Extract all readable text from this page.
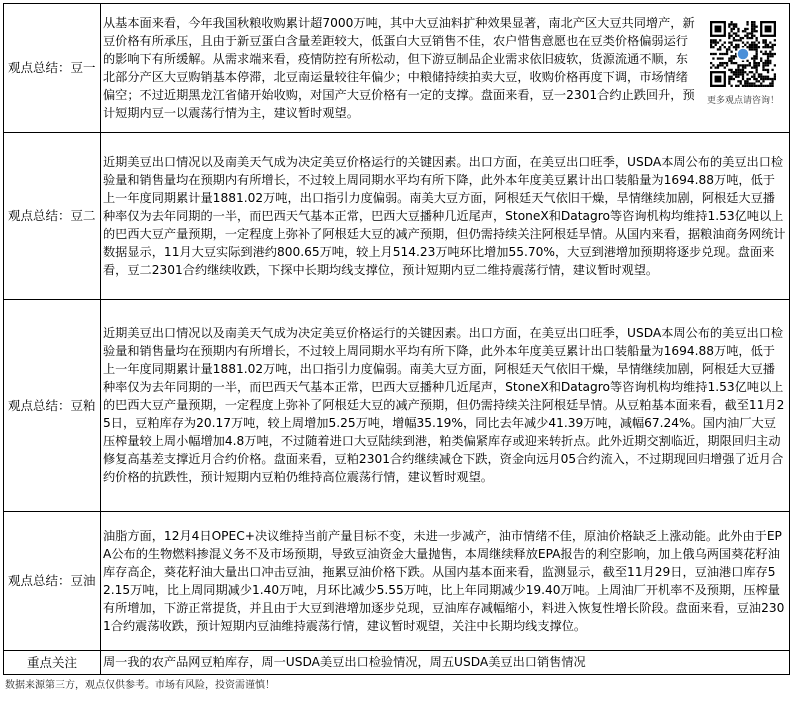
观点总结：豆一	从基本面来看，今年我国秋粮收购累计超7000万吨，其中大豆油料扩种效果显著，南北产区大豆共同增产，新豆价格有所承压，且由于新豆蛋白含量差距较大，低蛋白大豆销售不佳，农户惜售意愿也在豆类价格偏弱运行的影响下有所缓解。从需求端来看，疫情防控有所松动，但下游豆制品企业需求依旧疲软，货源流通不顺，东北部分产区大豆购销基本停滞，北豆南运量较往年偏少；中粮储持续拍卖大豆，收购价格再度下调，市场情绪偏空；不过近期黑龙江省储开始收购，对国产大豆价格有一定的支撑。盘面来看，豆一2301合约止跌回升，预计短期内豆一以震荡行情为主，建议暂时观望。
更多观点请咨询！

观点总结：豆二	近期美豆出口情况以及南美天气成为决定美豆价格运行的关键因素。出口方面，在美豆出口旺季，USDA本周公布的美豆出口检验量和销售量均在预期内有所增长，不过较上周同期水平均有所下降，此外本年度美豆累计出口装船量为1694.88万吨，低于上一年度同期累计量1881.02万吨，出口指引力度偏弱。南美大豆方面，阿根廷天气依旧干燥，旱情继续加剧，阿根廷大豆播种率仅为去年同期的一半，而巴西天气基本正常，巴西大豆播种几近尾声，StoneX和Datagro等咨询机构均维持1.53亿吨以上的巴西大豆产量预期，一定程度上弥补了阿根廷大豆的减产预期，但仍需持续关注阿根廷旱情。从国内来看，据粮油商务网统计数据显示，11月大豆实际到港约800.65万吨，较上月514.23万吨环比增加55.70%，大豆到港增加预期将逐步兑现。盘面来看，豆二2301合约继续收跌，下探中长期均线支撑位，预计短期内豆二维持震荡行情，建议暂时观望。
观点总结：豆粕	近期美豆出口情况以及南美天气成为决定美豆价格运行的关键因素。出口方面，在美豆出口旺季，USDA本周公布的美豆出口检验量和销售量均在预期内有所增长，不过较上周同期水平均有所下降，此外本年度美豆累计出口装船量为1694.88万吨，低于上一年度同期累计量1881.02万吨，出口指引力度偏弱。南美大豆方面，阿根廷天气依旧干燥，旱情继续加剧，阿根廷大豆播种率仅为去年同期的一半，而巴西天气基本正常，巴西大豆播种几近尾声，StoneX和Datagro等咨询机构均维持1.53亿吨以上的巴西大豆产量预期，一定程度上弥补了阿根廷大豆的减产预期，但仍需持续关注阿根廷旱情。从豆粕基本面来看，截至11月25日，豆粕库存为20.17万吨，较上周增加5.25万吨，增幅35.19%，同比去年减少41.39万吨，减幅67.24%。国内油厂大豆压榨量较上周小幅增加4.8万吨，不过随着进口大豆陆续到港，粕类偏紧库存或迎来转折点。此外近期交割临近，期限回归主动修复高基差支撑近月合约价格。盘面来看，豆粕2301合约继续减仓下跌，资金向远月05合约流入，不过期现回归增强了近月合约价格的抗跌性，预计短期内豆粕仍维持高位震荡行情，建议暂时观望。
观点总结：豆油	油脂方面，12月4日OPEC+决议维持当前产量目标不变，未进一步减产，油市情绪不佳，原油价格缺乏上涨动能。此外由于EPA公布的生物燃料掺混义务不及市场预期，导致豆油资金大量抛售，本周继续释放EPA报告的利空影响，加上俄乌两国葵花籽油库存高企，葵花籽油大量出口冲击豆油，拖累豆油价格下跌。从国内基本面来看，监测显示，截至11月29日，豆油港口库存52.15万吨，比上周同期减少1.40万吨，月环比减少5.55万吨，比上年同期减少19.40万吨。上周油厂开机率不及预期，压榨量有所增加，下游正常提货，并且由于大豆到港增加逐步兑现，豆油库存减幅缩小，料进入恢复性增长阶段。盘面来看，豆油2301合约震荡收跌，预计短期内豆油维持震荡行情，建议暂时观望，关注中长期均线支撑位。
重点关注	周一我的农产品网豆粕库存，周一USDA美豆出口检验情况，周五USDA美豆出口销售情况
数据来源第三方，观点仅供参考。市场有风险，投资需谨慎！
